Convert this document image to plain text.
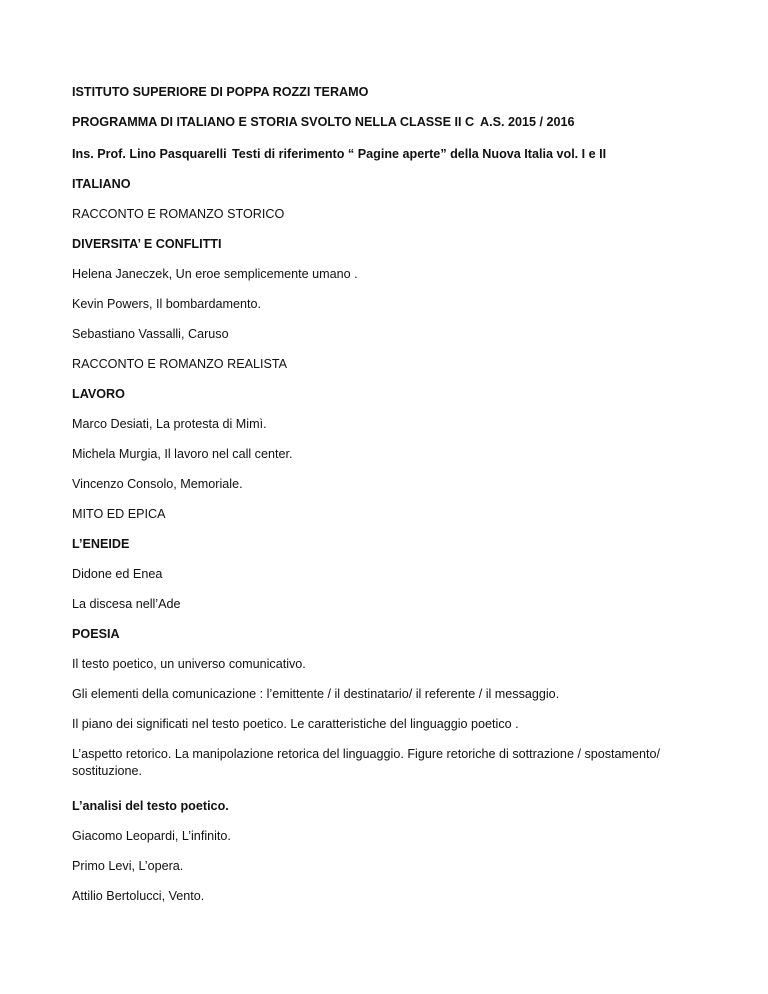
ISTITUTO SUPERIORE DI POPPA ROZZI TERAMO
PROGRAMMA DI ITALIANO E STORIA SVOLTO NELLA CLASSE II C A.S. 2015 / 2016
Ins. Prof. Lino Pasquarelli Testi di riferimento “ Pagine aperte” della Nuova Italia vol. I e II
ITALIANO
RACCONTO E ROMANZO STORICO
DIVERSITA’ E CONFLITTI
Helena Janeczek, Un eroe semplicemente umano .
Kevin Powers, Il bombardamento.
Sebastiano Vassalli, Caruso
RACCONTO E ROMANZO REALISTA
LAVORO
Marco Desiati, La protesta di Mimì.
Michela Murgia, Il lavoro nel call center.
Vincenzo Consolo, Memoriale.
MITO ED EPICA
L’ENEIDE
Didone ed Enea
La discesa nell’Ade
POESIA
Il testo poetico, un universo comunicativo.
Gli elementi della comunicazione : l’emittente / il destinatario/ il referente / il messaggio.
Il piano dei significati nel testo poetico. Le caratteristiche del linguaggio poetico .
L’aspetto retorico. La manipolazione retorica del linguaggio. Figure retoriche di sottrazione / spostamento/ sostituzione.
L’analisi del testo poetico.
Giacomo Leopardi, L’infinito.
Primo Levi, L’opera.
Attilio Bertolucci, Vento.
